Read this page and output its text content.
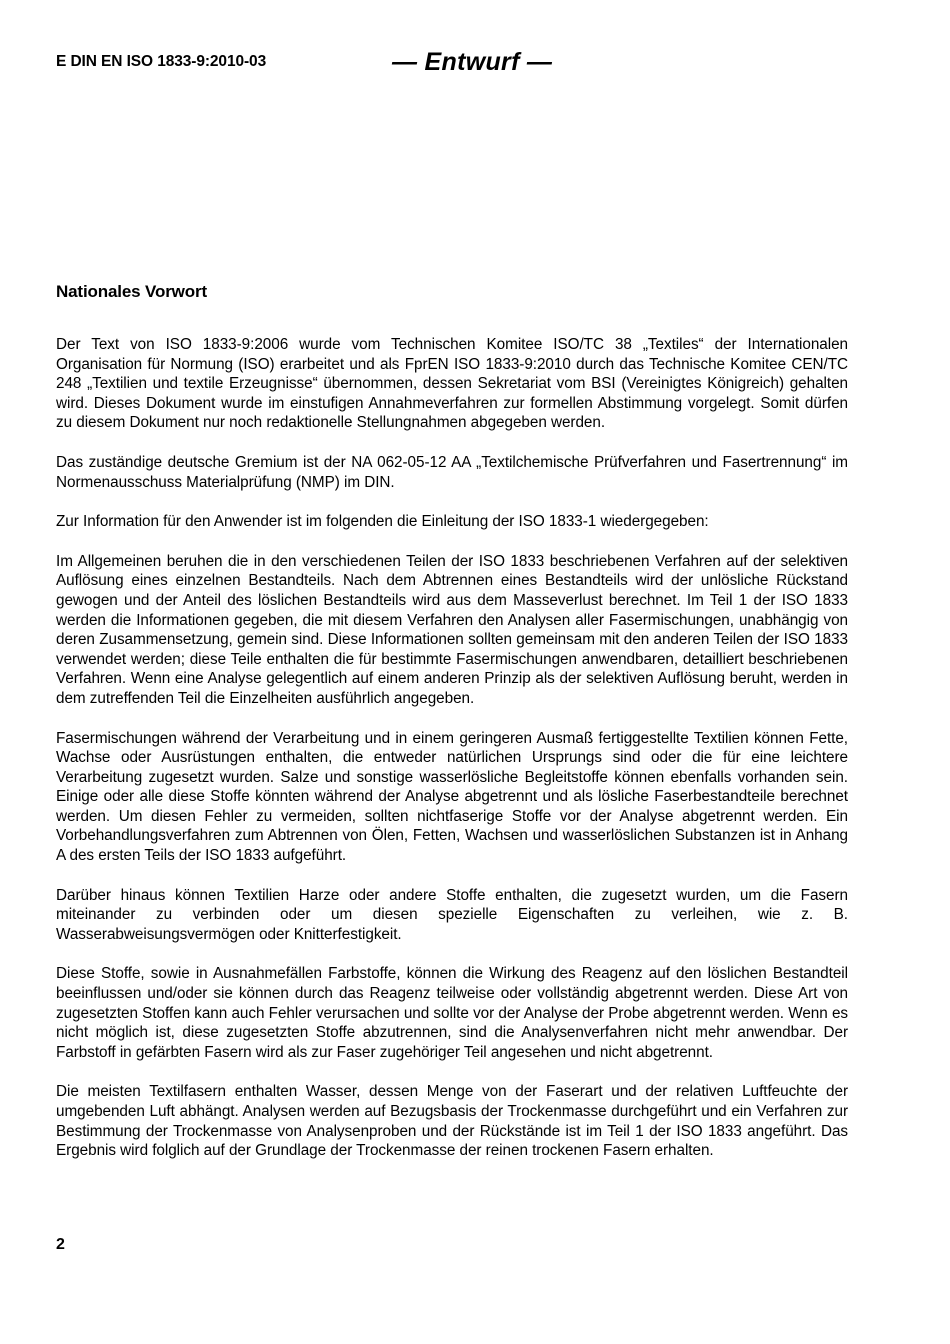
E DIN EN ISO 1833-9:2010-03	— Entwurf —
Nationales Vorwort

Der Text von ISO 1833-9:2006 wurde vom Technischen Komitee ISO/TC 38 „Textiles“ der Internationalen Organisation für Normung (ISO) erarbeitet und als FprEN ISO 1833-9:2010 durch das Technische Komitee CEN/TC 248 „Textilien und textile Erzeugnisse“ übernommen, dessen Sekretariat vom BSI (Vereinigtes Königreich) gehalten wird. Dieses Dokument wurde im einstufigen Annahmeverfahren zur formellen Abstimmung vorgelegt. Somit dürfen zu diesem Dokument nur noch redaktionelle Stellungnahmen abgegeben werden.

Das zuständige deutsche Gremium ist der NA 062-05-12 AA „Textilchemische Prüfverfahren und Fasertrennung“ im Normenausschuss Materialprüfung (NMP) im DIN.

Zur Information für den Anwender ist im folgenden die Einleitung der ISO 1833-1 wiedergegeben:

Im Allgemeinen beruhen die in den verschiedenen Teilen der ISO 1833 beschriebenen Verfahren auf der selektiven Auflösung eines einzelnen Bestandteils. Nach dem Abtrennen eines Bestandteils wird der unlösliche Rückstand gewogen und der Anteil des löslichen Bestandteils wird aus dem Masseverlust berechnet. Im Teil 1 der ISO 1833 werden die Informationen gegeben, die mit diesem Verfahren den Analysen aller Fasermischungen, unabhängig von deren Zusammensetzung, gemein sind. Diese Informationen sollten gemeinsam mit den anderen Teilen der ISO 1833 verwendet werden; diese Teile enthalten die für bestimmte Fasermischungen anwendbaren, detailliert beschriebenen Verfahren. Wenn eine Analyse gelegentlich auf einem anderen Prinzip als der selektiven Auflösung beruht, werden in dem zutreffenden Teil die Einzelheiten ausführlich angegeben.

Fasermischungen während der Verarbeitung und in einem geringeren Ausmaß fertiggestellte Textilien können Fette, Wachse oder Ausrüstungen enthalten, die entweder natürlichen Ursprungs sind oder die für eine leichtere Verarbeitung zugesetzt wurden. Salze und sonstige wasserlösliche Begleitstoffe können ebenfalls vorhanden sein. Einige oder alle diese Stoffe könnten während der Analyse abgetrennt und als lösliche Faserbestandteile berechnet werden. Um diesen Fehler zu vermeiden, sollten nichtfaserige Stoffe vor der Analyse abgetrennt werden. Ein Vorbehandlungsverfahren zum Abtrennen von Ölen, Fetten, Wachsen und wasserlöslichen Substanzen ist in Anhang A des ersten Teils der ISO 1833 aufgeführt.

Darüber hinaus können Textilien Harze oder andere Stoffe enthalten, die zugesetzt wurden, um die Fasern miteinander zu verbinden oder um diesen spezielle Eigenschaften zu verleihen, wie z. B. Wasserabweisungsvermögen oder Knitterfestigkeit.

Diese Stoffe, sowie in Ausnahmefällen Farbstoffe, können die Wirkung des Reagenz auf den löslichen Bestandteil beeinflussen und/oder sie können durch das Reagenz teilweise oder vollständig abgetrennt werden. Diese Art von zugesetzten Stoffen kann auch Fehler verursachen und sollte vor der Analyse der Probe abgetrennt werden. Wenn es nicht möglich ist, diese zugesetzten Stoffe abzutrennen, sind die Analysenverfahren nicht mehr anwendbar. Der Farbstoff in gefärbten Fasern wird als zur Faser zugehöriger Teil angesehen und nicht abgetrennt.

Die meisten Textilfasern enthalten Wasser, dessen Menge von der Faserart und der relativen Luftfeuchte der umgebenden Luft abhängt. Analysen werden auf Bezugsbasis der Trockenmasse durchgeführt und ein Verfahren zur Bestimmung der Trockenmasse von Analysenproben und der Rückstände ist im Teil 1 der ISO 1833 angeführt. Das Ergebnis wird folglich auf der Grundlage der Trockenmasse der reinen trockenen Fasern erhalten.

2
